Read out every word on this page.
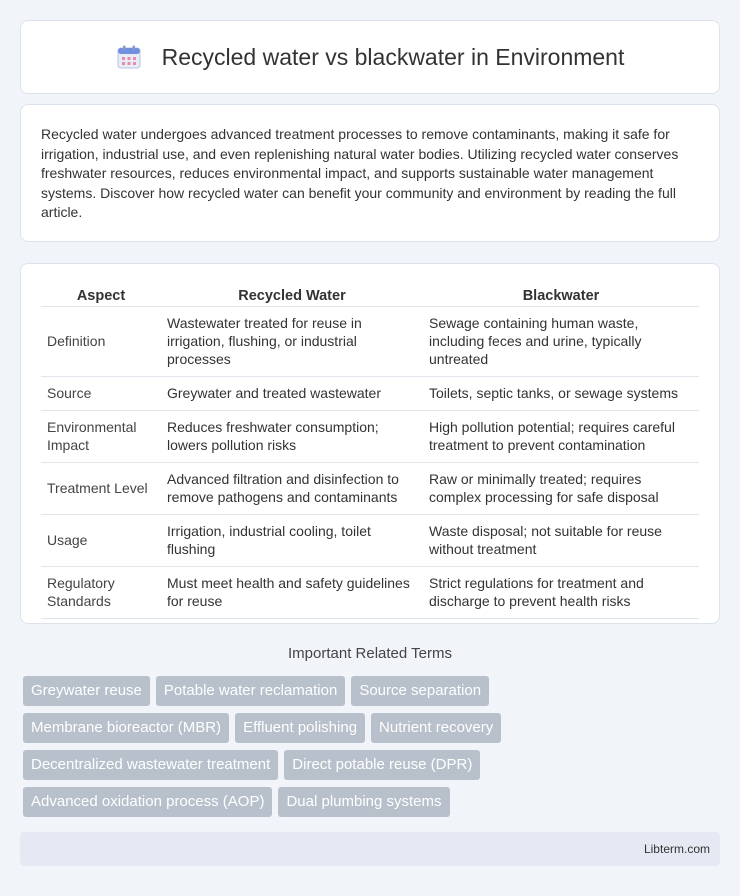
Recycled water vs blackwater in Environment

Recycled water undergoes advanced treatment processes to remove contaminants, making it safe for irrigation, industrial use, and even replenishing natural water bodies. Utilizing recycled water conserves freshwater resources, reduces environmental impact, and supports sustainable water management systems. Discover how recycled water can benefit your community and environment by reading the full article.

Aspect	Recycled Water	Blackwater
Definition	Wastewater treated for reuse in irrigation, flushing, or industrial processes	Sewage containing human waste, including feces and urine, typically untreated
Source	Greywater and treated wastewater	Toilets, septic tanks, or sewage systems
Environmental Impact	Reduces freshwater consumption; lowers pollution risks	High pollution potential; requires careful treatment to prevent contamination
Treatment Level	Advanced filtration and disinfection to remove pathogens and contaminants	Raw or minimally treated; requires complex processing for safe disposal
Usage	Irrigation, industrial cooling, toilet flushing	Waste disposal; not suitable for reuse without treatment
Regulatory Standards	Must meet health and safety guidelines for reuse	Strict regulations for treatment and discharge to prevent health risks
Important Related Terms
Greywater reuse	Potable water reclamation	Source separation
Membrane bioreactor (MBR)	Effluent polishing	Nutrient recovery
Decentralized wastewater treatment	Direct potable reuse (DPR)
Advanced oxidation process (AOP)	Dual plumbing systems
Libterm.com
